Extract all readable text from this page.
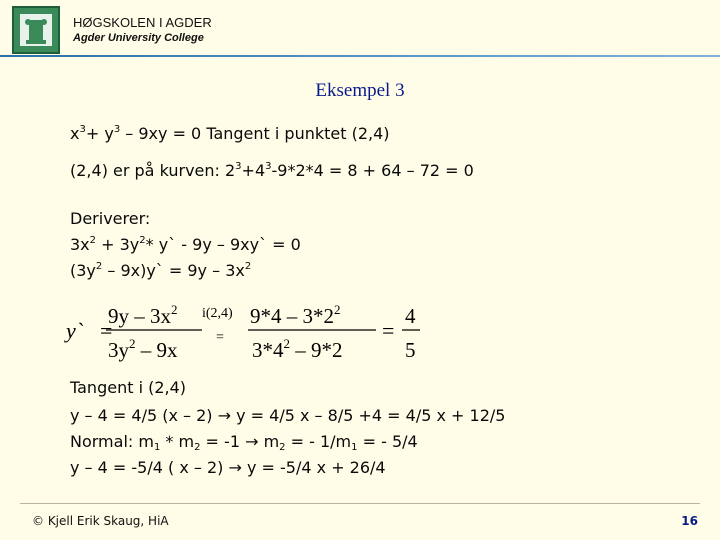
HØGSKOLEN I AGDER
Agder University College
Eksempel 3
$x^3+ y^3 - 9xy = 0$ Tangent i punktet (2,4)
(2,4) er på kurven: $2^3+4^3-9*2*4 = 8 + 64 - 72 = 0$
Deriverer:
$3x^2 + 3y^2*$ y` - 9y – 9xy` = 0
($3y^2$ – 9x)y` = $9y - 3x^2$
y` =
$9y - 3x^2$
$3y^2 - 9x$
i(2,4)
=
$9*4 - 3*2^2$
$3*4^2 - 9*2$
=
4
5
Tangent i (2,4)
y – 4 = 4/5 (x – 2) → y = 4/5 x – 8/5 +4 = 4/5 x + 12/5
Normal: $m_1 * m_2 = -1 \to m_2$ = - $1/m_1$ = - 5/4
y – 4 = -5/4 ( x – 2) → y = -5/4 x + 26/4
© Kjell Erik Skaug, HiA	16
